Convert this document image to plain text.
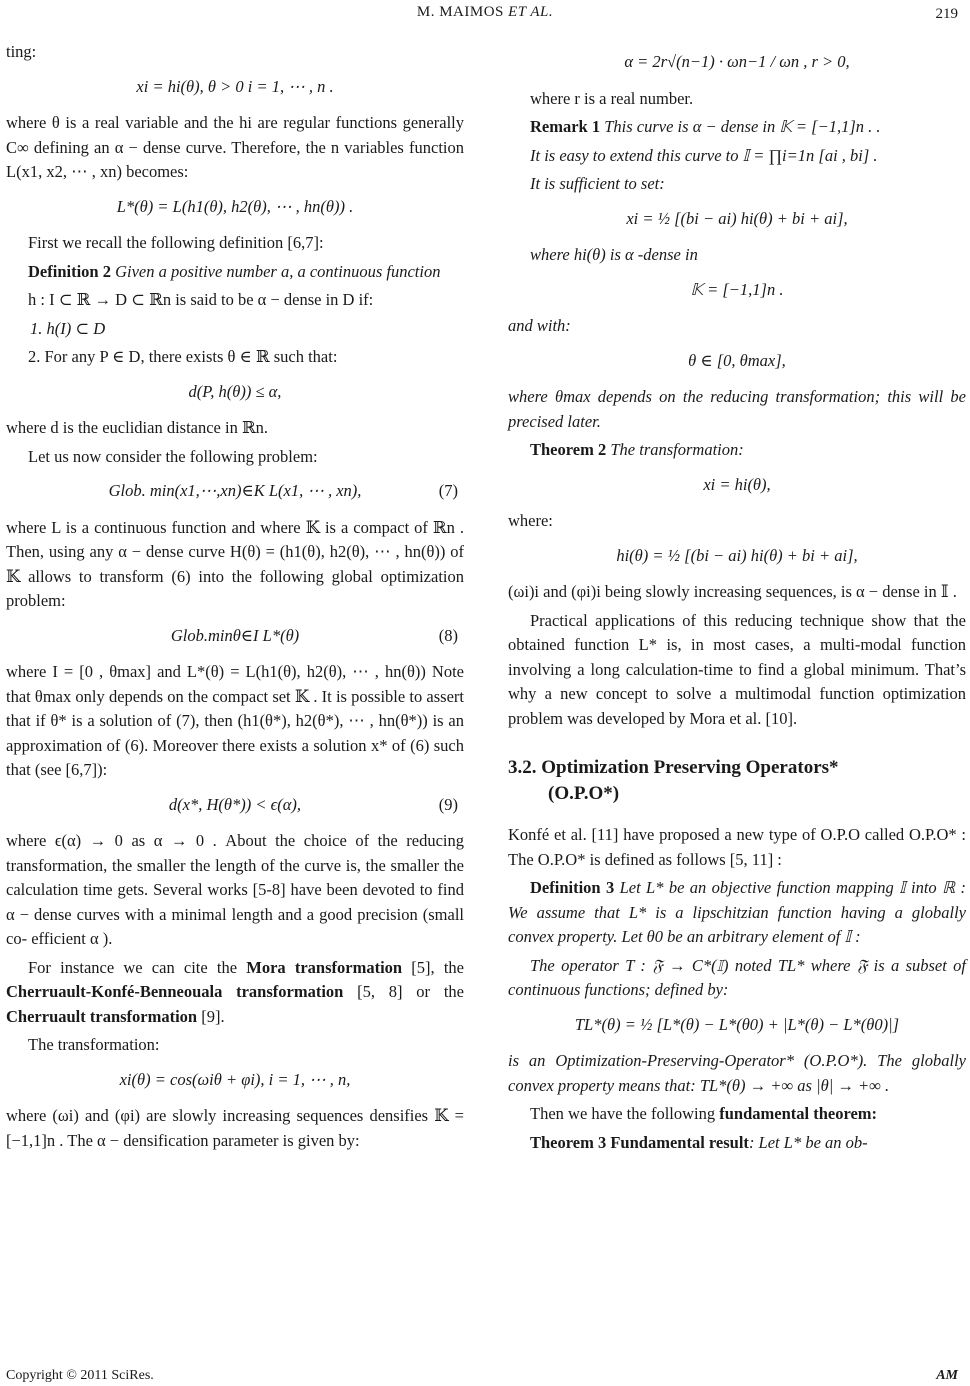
M. MAIMOS ET AL.	219

ting:

xi = hi(θ), θ > 0 i = 1, ⋯ , n .

where θ is a real variable and the hi are regular functions generally C∞ defining an α − dense curve. Therefore, the n variables function L(x1, x2, ⋯ , xn) becomes:

L*(θ) = L(h1(θ), h2(θ), ⋯ , hn(θ)) .

First we recall the following definition [6,7]:

Definition 2 Given a positive number a, a continuous function

h : I ⊂ ℝ → D ⊂ ℝn is said to be α − dense in D if:

1. h(I) ⊂ D

2. For any P ∈ D, there exists θ ∈ ℝ such that:

d(P, h(θ)) ≤ α,

where d is the euclidian distance in ℝn.

Let us now consider the following problem:

Glob. min(x1,⋯,xn)∈K L(x1, ⋯ , xn),	(7)

where L is a continuous function and where 𝕂 is a compact of ℝn . Then, using any α − dense curve H(θ) = (h1(θ), h2(θ), ⋯ , hn(θ)) of 𝕂 allows to transform (6) into the following global optimization problem:

Glob.minθ∈I L*(θ)	(8)

where I = [0 , θmax] and L*(θ) = L(h1(θ), h2(θ), ⋯ , hn(θ)) Note that θmax only depends on the compact set 𝕂 . It is possible to assert that if θ* is a solution of (7), then (h1(θ*), h2(θ*), ⋯ , hn(θ*)) is an approximation of (6). Moreover there exists a solution x* of (6) such that (see [6,7]):

d(x*, H(θ*)) < ϵ(α),	(9)

where ϵ(α) → 0 as α → 0 . About the choice of the reducing transformation, the smaller the length of the curve is, the smaller the calculation time gets. Several works [5-8] have been devoted to find α − dense curves with a minimal length and a good precision (small co- efficient α ).

For instance we can cite the Mora transformation [5], the Cherruault-Konfé-Benneouala transformation [5, 8] or the Cherruault transformation [9].

The transformation:

xi(θ) = cos(ωiθ + φi), i = 1, ⋯ , n,

where (ωi) and (φi) are slowly increasing sequences densifies 𝕂 = [−1,1]n . The α − densification parameter is given by:

α = 2r√(n−1) · ωn−1 / ωn , r > 0,

where r is a real number.

Remark 1 This curve is α − dense in 𝕂 = [−1,1]n . .

It is easy to extend this curve to 𝕀 = ∏i=1n [ai , bi] .

It is sufficient to set:

xi = ½ [(bi − ai) hi(θ) + bi + ai],

where hi(θ) is α -dense in

𝕂 = [−1,1]n .

and with:

θ ∈ [0, θmax],

where θmax depends on the reducing transformation; this will be precised later.

Theorem 2 The transformation:

xi = hi(θ),

where:

hi(θ) = ½ [(bi − ai) hi(θ) + bi + ai],

(ωi)i and (φi)i being slowly increasing sequences, is α − dense in 𝕀 .

Practical applications of this reducing technique show that the obtained function L* is, in most cases, a multi-modal function involving a long calculation-time to find a global minimum. That’s why a new concept to solve a multimodal function optimization problem was developed by Mora et al. [10].

3.2. Optimization Preserving Operators*
(O.P.O*)

Konfé et al. [11] have proposed a new type of O.P.O called O.P.O* : The O.P.O* is defined as follows [5, 11] :

Definition 3 Let L* be an objective function mapping 𝕀 into ℝ : We assume that L* is a lipschitzian function having a globally convex property. Let θ0 be an arbitrary element of 𝕀 :

The operator T : 𝔉 → C*(𝕀) noted TL* where 𝔉 is a subset of continuous functions; defined by:

TL*(θ) = ½ [L*(θ) − L*(θ0) + |L*(θ) − L*(θ0)|]

is an Optimization-Preserving-Operator* (O.P.O*). The globally convex property means that: TL*(θ) → +∞ as |θ| → +∞ .

Then we have the following fundamental theorem:

Theorem 3 Fundamental result: Let L* be an ob-

Copyright © 2011 SciRes.	AM
